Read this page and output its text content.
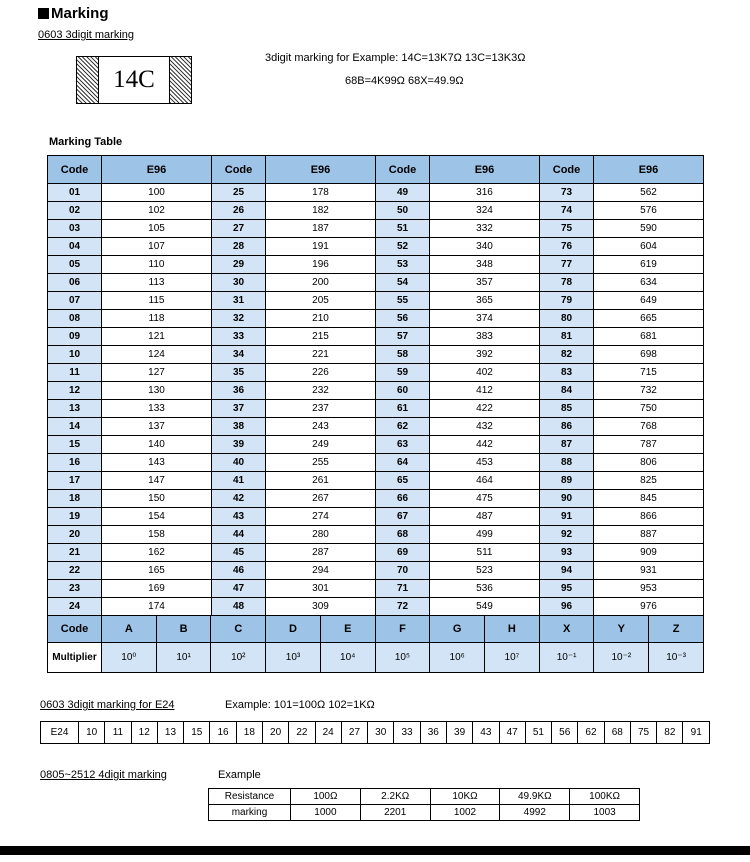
Marking
0603 3digit marking
14C
3digit marking for Example: 14C=13K7Ω 13C=13K3Ω
68B=4K99Ω 68X=49.9Ω
Marking Table
Code	E96	Code	E96	Code	E96	Code	E96
01	100	25	178	49	316	73	562
02	102	26	182	50	324	74	576
03	105	27	187	51	332	75	590
04	107	28	191	52	340	76	604
05	110	29	196	53	348	77	619
06	113	30	200	54	357	78	634
07	115	31	205	55	365	79	649
08	118	32	210	56	374	80	665
09	121	33	215	57	383	81	681
10	124	34	221	58	392	82	698
11	127	35	226	59	402	83	715
12	130	36	232	60	412	84	732
13	133	37	237	61	422	85	750
14	137	38	243	62	432	86	768
15	140	39	249	63	442	87	787
16	143	40	255	64	453	88	806
17	147	41	261	65	464	89	825
18	150	42	267	66	475	90	845
19	154	43	274	67	487	91	866
20	158	44	280	68	499	92	887
21	162	45	287	69	511	93	909
22	165	46	294	70	523	94	931
23	169	47	301	71	536	95	953
24	174	48	309	72	549	96	976
Code	A	B	C	D	E	F	G	H	X	Y	Z
Multiplier	10⁰	10¹	10²	10³	10⁴	10⁵	10⁶	10⁷	10⁻¹	10⁻²	10⁻³
0603 3digit marking for E24	Example: 101=100Ω 102=1KΩ
E24	10	11	12	13	15	16	18	20	22	24	27	30	33	36	39	43	47	51	56	62	68	75	82	91
0805~2512 4digit marking	Example
Resistance	100Ω	2.2KΩ	10KΩ	49.9KΩ	100KΩ
marking	1000	2201	1002	4992	1003
